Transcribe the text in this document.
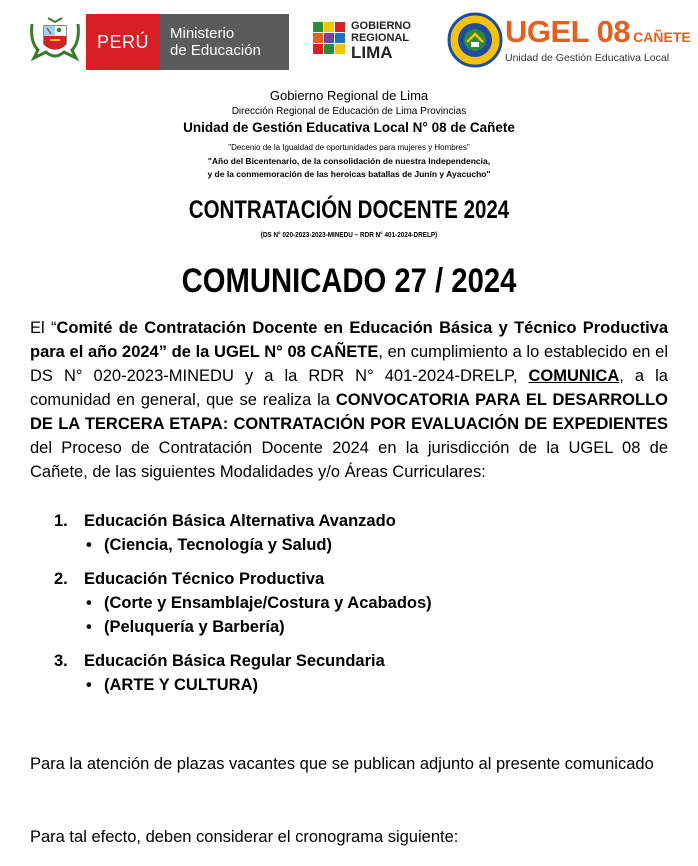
PERÚ Ministerio
de Educación
GOBIERNO
REGIONAL
LIMA
UGEL 08 CAÑETE
Unidad de Gestión Educativa Local
Gobierno Regional de Lima
Dirección Regional de Educación de Lima Provincias
Unidad de Gestión Educativa Local N° 08 de Cañete
"Decenio de la Igualdad de oportunidades para mujeres y Hombres"
"Año del Bicentenario, de la consolidación de nuestra Independencia,
y de la conmemoración de las heroicas batallas de Junín y Ayacucho"
CONTRATACIÓN DOCENTE 2024
(DS N° 020-2023-2023-MINEDU – RDR N° 401-2024-DRELP)
COMUNICADO 27 / 2024
El “Comité de Contratación Docente en Educación Básica y Técnico Productiva para el año 2024” de la UGEL N° 08 CAÑETE, en cumplimiento a lo establecido en el DS N° 020-2023-MINEDU y a la RDR N° 401-2024-DRELP, COMUNICA, a la comunidad en general, que se realiza la CONVOCATORIA PARA EL DESARROLLO DE LA TERCERA ETAPA: CONTRATACIÓN POR EVALUACIÓN DE EXPEDIENTES del Proceso de Contratación Docente 2024 en la jurisdicción de la UGEL 08 de Cañete, de las siguientes Modalidades y/o Áreas Curriculares:
1. Educación Básica Alternativa Avanzado
• (Ciencia, Tecnología y Salud)
2. Educación Técnico Productiva
• (Corte y Ensamblaje/Costura y Acabados)
• (Peluquería y Barbería)
3. Educación Básica Regular Secundaria
• (ARTE Y CULTURA)
Para la atención de plazas vacantes que se publican adjunto al presente comunicado
Para tal efecto, deben considerar el cronograma siguiente:
